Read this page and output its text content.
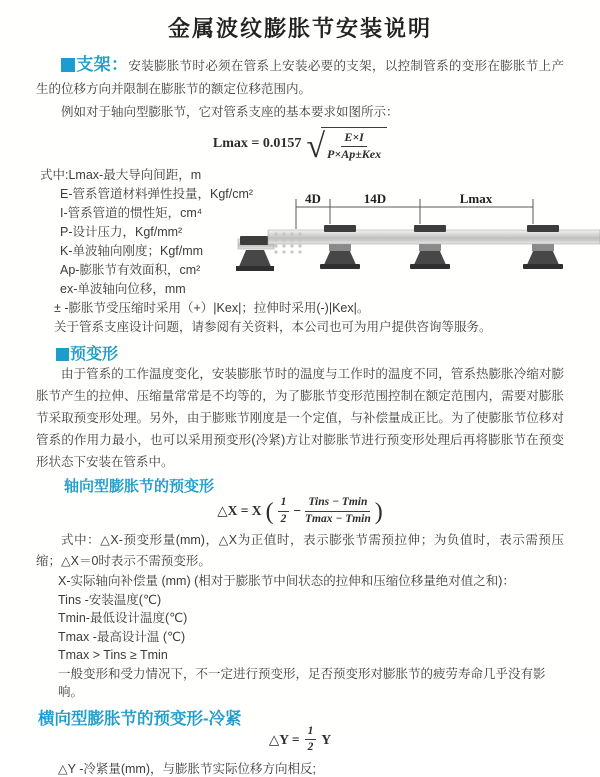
金属波纹膨胀节安装说明

支架：安装膨胀节时必须在管系上安装必要的支架，以控制管系的变形在膨胀节上产生的位移方向并限制在膨胀节的额定位移范围内。

例如对于轴向型膨胀节，它对管系支座的基本要求如图所示：

Lmax = 0.0157 √ $\frac{E\times I}{\text{P×Ap±Kex}}$
式中:Lmax-最大导向间距，m
E-管系管道材料弹性投量，Kgf/cm²
I-管系管道的惯性矩，cm⁴
P-设计压力，Kgf/mm²
K-单波轴向刚度；Kgf/mm
Ap-膨胀节有效面积，cm²
ex-单波轴向位移，mm
± -膨胀节受压缩时采用（+）|Kex|；拉伸时采用(-)|Kex|。
关于管系支座设计问题，请参阅有关资料，本公司也可为用户提供咨询等服务。
4D	14D	Lmax
预变形

由于管系的工作温度变化，安装膨胀节时的温度与工作时的温度不同，管系热膨胀冷缩对膨胀节产生的拉伸、压缩量常常是不均等的，为了膨胀节变形范围控制在额定范围内，需要对膨胀节采取预变形处理。另外，由于膨账节刚度是一个定值，与补偿量成正比。为了使膨胀节位移对管系的作用力最小，也可以采用预变形(冷紧)方让对膨胀节进行预变形处理后再将膨胀节在预变形状态下安装在管系中。

轴向型膨胀节的预变形
△X = X ( $\frac{1}{2} - \frac{\text{Tins − Tmin}}{Tmax - Tmin}$ )

式中：△X-预变形量(mm)，△X为正值时，表示膨张节需预拉伸；为负值时，表示需预压缩；△X＝0时表示不需预变形。

X-实际轴向补偿量 (mm) (相对于膨胀节中间状态的拉伸和压缩位移量绝对值之和)：
Tins -安装温度(℃)
Tmin-最低设计温度(℃)
Tmax -最高设计温 (℃)
Tmax > Tins ≥ Tmin
一般变形和受力情况下，不一定进行预变形，足否预变形对膨胀节的疲劳寿命几乎没有影响。
横向型膨胀节的预变形-冷紧
△Y = $\frac{1}{2}$ Y
△Y -冷紧量(mm)，与膨胀节实际位移方向相反;
